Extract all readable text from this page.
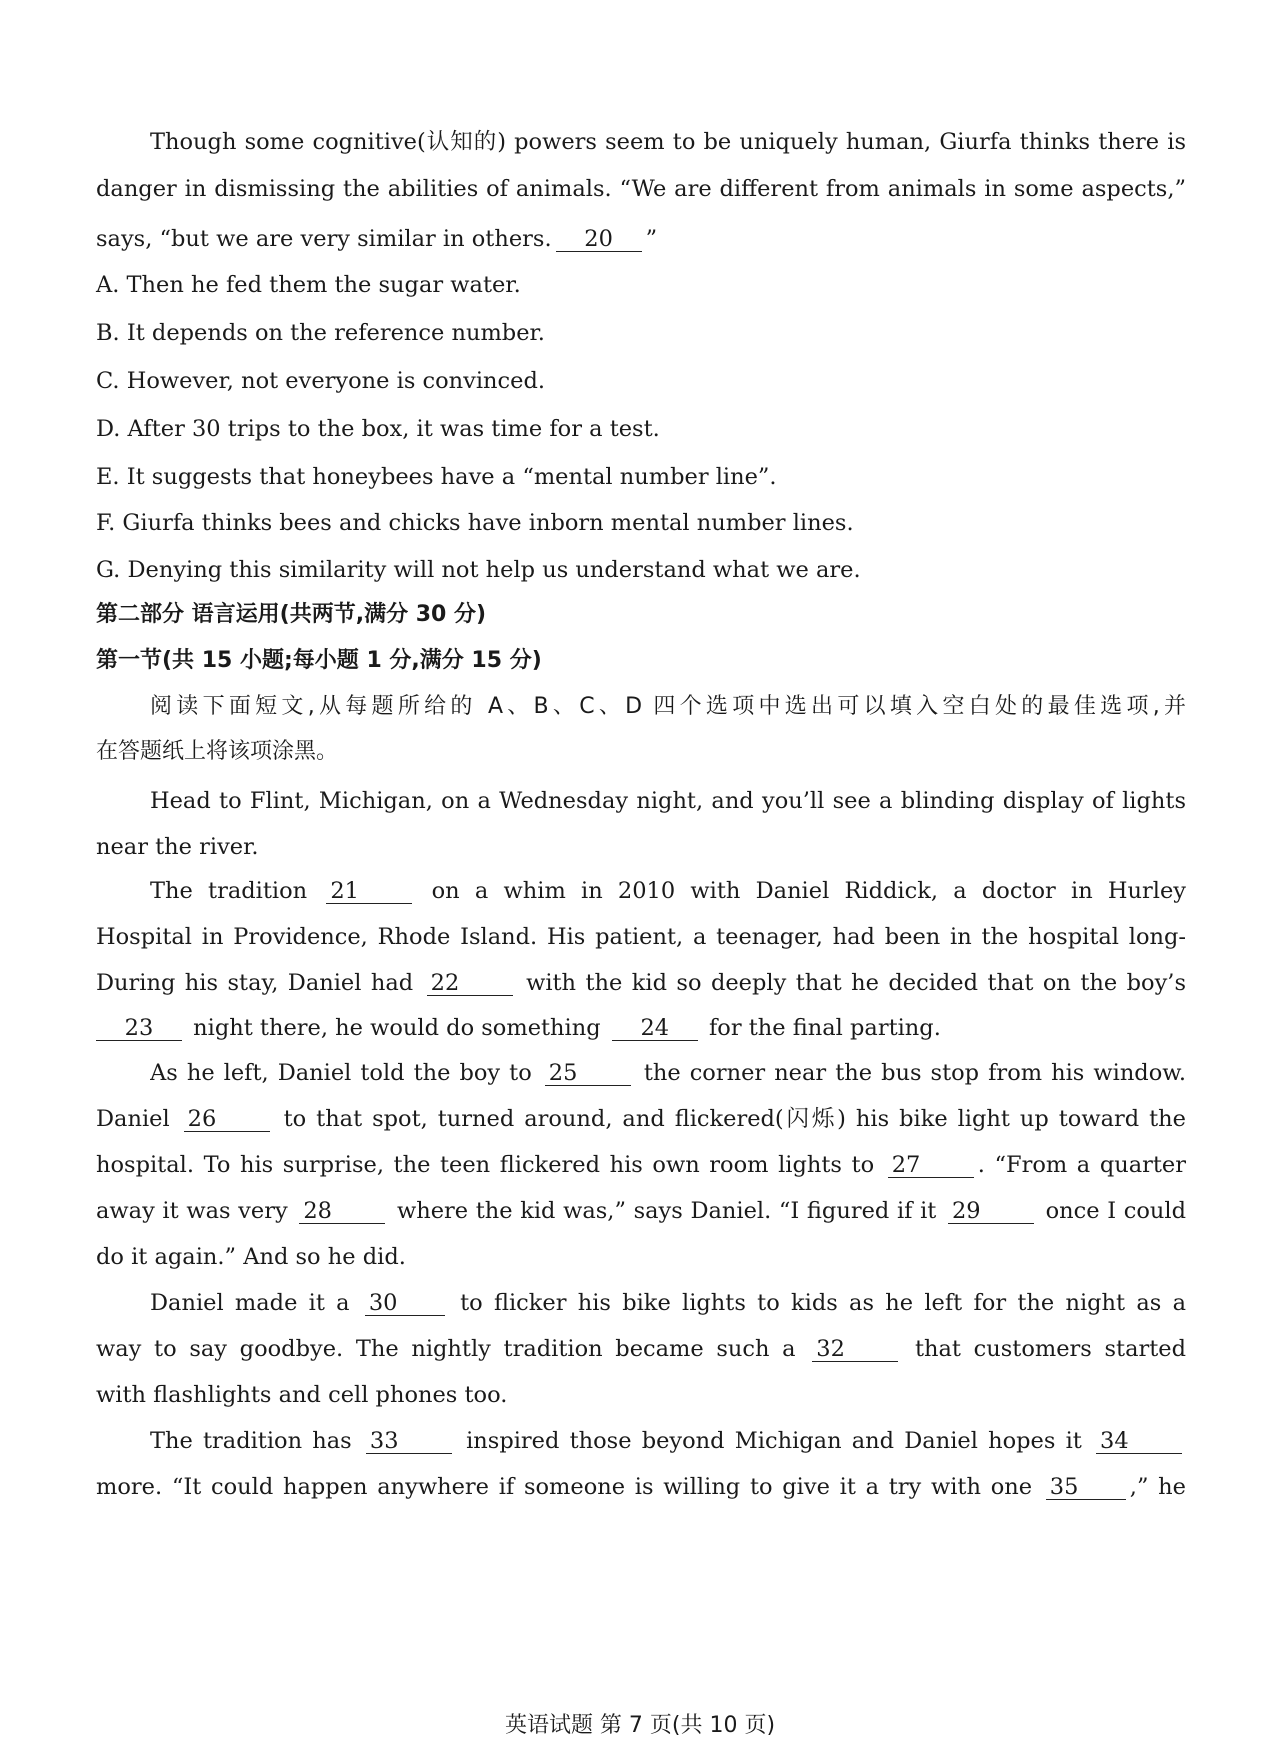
Though some cognitive(认知的) powers seem to be uniquely human, Giurfa thinks there is
danger in dismissing the abilities of animals. “We are different from animals in some aspects,”
says, “but we are very similar in others. 20 ”
A. Then he fed them the sugar water.
B. It depends on the reference number.
C. However, not everyone is convinced.
D. After 30 trips to the box, it was time for a test.
E. It suggests that honeybees have a “mental number line”.
F. Giurfa thinks bees and chicks have inborn mental number lines.
G. Denying this similarity will not help us understand what we are.
第二部分 语言运用(共两节,满分 30 分)
第一节(共 15 小题;每小题 1 分,满分 15 分)
阅读下面短文,从每题所给的 A、B、C、D 四个选项中选出可以填入空白处的最佳选项,并
在答题纸上将该项涂黑。
Head to Flint, Michigan, on a Wednesday night, and you’ll see a blinding display of lights
near the river.
The tradition 21	on a whim in 2010 with Daniel Riddick, a doctor in Hurley
Hospital in Providence, Rhode Island. His patient, a teenager, had been in the hospital long-
During his stay, Daniel had 22	with the kid so deeply that he decided that on the boy’s
23 night there, he would do something 24 for the final parting.
As he left, Daniel told the boy to 25	the corner near the bus stop from his window.
Daniel 26	to that spot, turned around, and flickered(闪烁) his bike light up toward the
hospital. To his surprise, the teen flickered his own room lights to 27	. “From a quarter
away it was very 28	where the kid was,” says Daniel. “I figured if it 29	once I could
do it again.” And so he did.
Daniel made it a 30	to flicker his bike lights to kids as he left for the night as a
way to say goodbye. The nightly tradition became such a 32	that customers started
with flashlights and cell phones too.
The tradition has 33	inspired those beyond Michigan and Daniel hopes it 34
more. “It could happen anywhere if someone is willing to give it a try with one 35 ,” he
英语试题 第 7 页(共 10 页)
